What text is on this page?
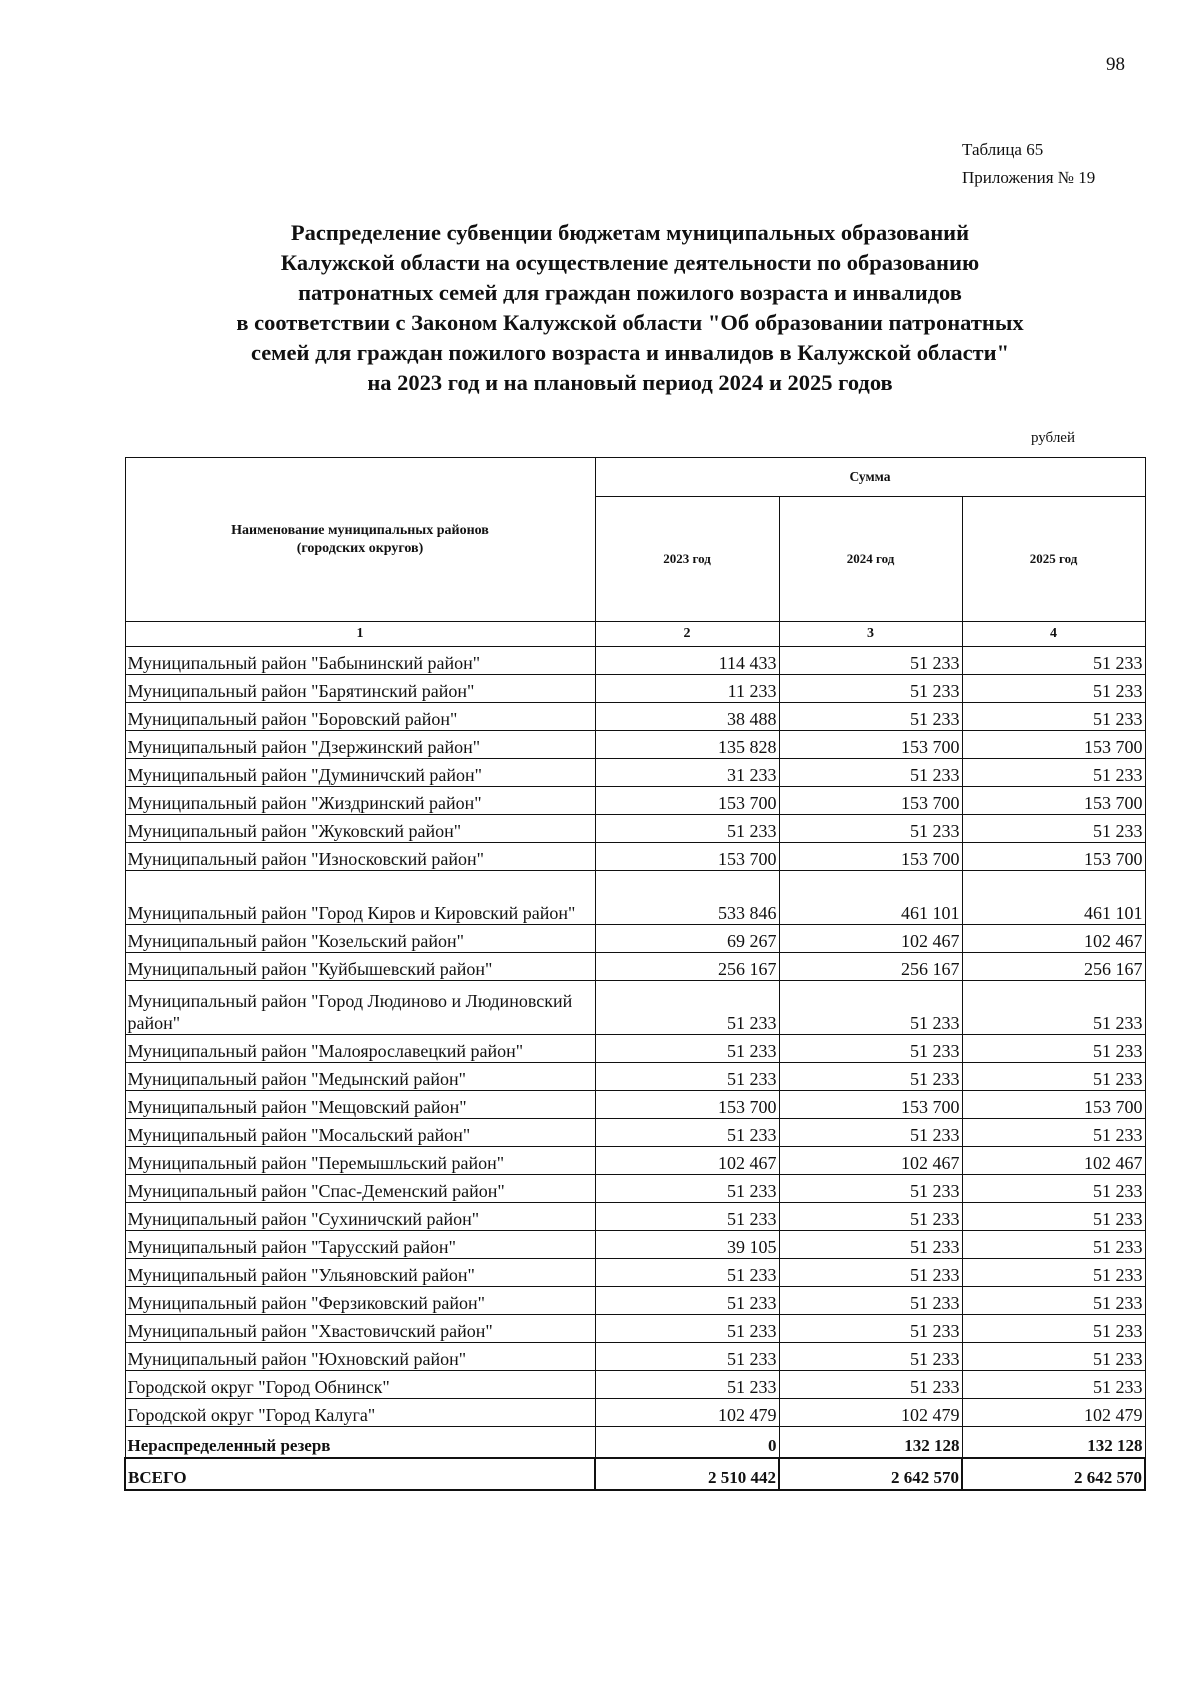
98
Таблица 65
Приложения № 19
Распределение субвенции бюджетам муниципальных образований
Калужской области на осуществление деятельности по образованию
патронатных семей для граждан пожилого возраста и инвалидов
в соответствии с Законом Калужской области "Об образовании патронатных
семей для граждан пожилого возраста и инвалидов в Калужской области"
на 2023 год и на плановый период 2024 и 2025 годов
рублей
Наименование муниципальных районов
(городских округов)	Сумма		
	2023 год	2024 год	2025 год
1	2	3	4
Муниципальный район "Бабынинский район"	114 433	51 233	51 233
Муниципальный район "Барятинский район"	11 233	51 233	51 233
Муниципальный район "Боровский район"	38 488	51 233	51 233
Муниципальный район "Дзержинский район"	135 828	153 700	153 700
Муниципальный район "Думиничский район"	31 233	51 233	51 233
Муниципальный район "Жиздринский район"	153 700	153 700	153 700
Муниципальный район "Жуковский район"	51 233	51 233	51 233
Муниципальный район "Износковский район"	153 700	153 700	153 700
Муниципальный район "Город Киров и Кировский район"	533 846	461 101	461 101
Муниципальный район "Козельский район"	69 267	102 467	102 467
Муниципальный район "Куйбышевский район"	256 167	256 167	256 167
Муниципальный район "Город Людиново и Людиновский район"	51 233	51 233	51 233
Муниципальный район "Малоярославецкий район"	51 233	51 233	51 233
Муниципальный район "Медынский район"	51 233	51 233	51 233
Муниципальный район "Мещовский район"	153 700	153 700	153 700
Муниципальный район "Мосальский район"	51 233	51 233	51 233
Муниципальный район "Перемышльский район"	102 467	102 467	102 467
Муниципальный район "Спас-Деменский район"	51 233	51 233	51 233
Муниципальный район "Сухиничский район"	51 233	51 233	51 233
Муниципальный район "Тарусский район"	39 105	51 233	51 233
Муниципальный район "Ульяновский район"	51 233	51 233	51 233
Муниципальный район "Ферзиковский район"	51 233	51 233	51 233
Муниципальный район "Хвастовичский район"	51 233	51 233	51 233
Муниципальный район "Юхновский район"	51 233	51 233	51 233
Городской округ "Город Обнинск"	51 233	51 233	51 233
Городской округ "Город Калуга"	102 479	102 479	102 479
Нераспределенный резерв	0	132 128	132 128
ВСЕГО	2 510 442	2 642 570	2 642 570
